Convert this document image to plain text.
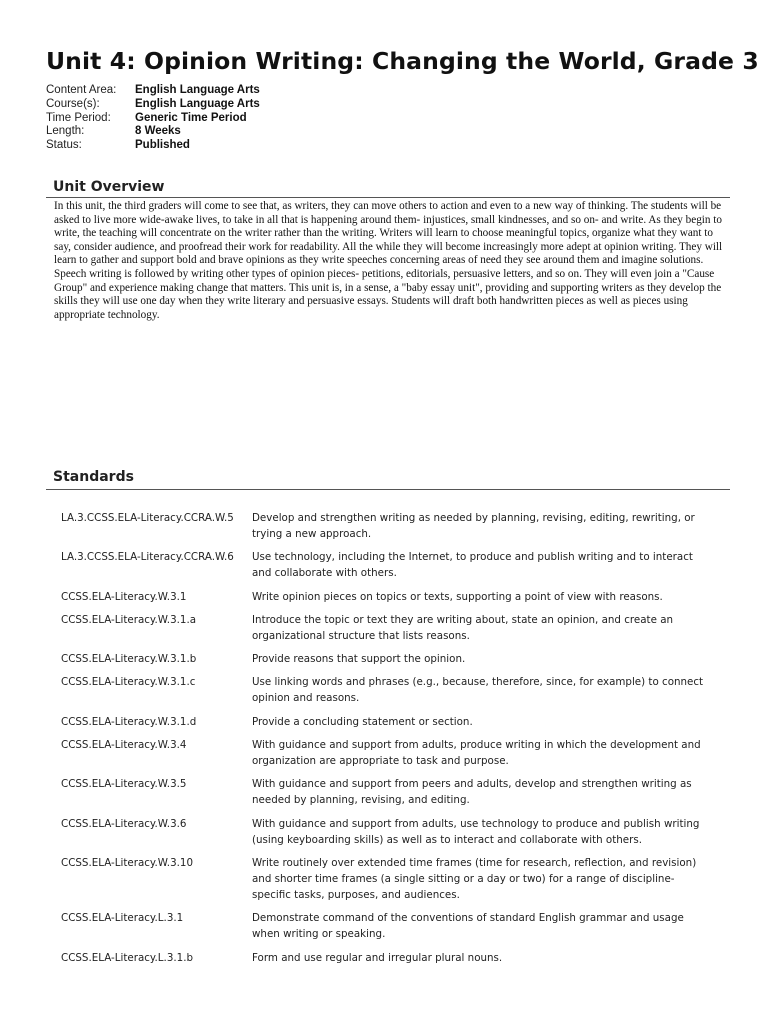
Unit 4: Opinion Writing: Changing the World, Grade 3
Content Area:	English Language Arts
Course(s):	English Language Arts
Time Period:	Generic Time Period
Length:	8 Weeks
Status:	Published
Unit Overview

In this unit, the third graders will come to see that, as writers, they can move others to action and even to a new way of thinking. The students will be asked to live more wide-awake lives, to take in all that is happening around them- injustices, small kindnesses, and so on- and write. As they begin to write, the teaching will concentrate on the writer rather than the writing. Writers will learn to choose meaningful topics, organize what they want to say, consider audience, and proofread their work for readability. All the while they will become increasingly more adept at opinion writing. They will learn to gather and support bold and brave opinions as they write speeches concerning areas of need they see around them and imagine solutions. Speech writing is followed by writing other types of opinion pieces- petitions, editorials, persuasive letters, and so on. They will even join a "Cause Group" and experience making change that matters. This unit is, in a sense, a "baby essay unit", providing and supporting writers as they develop the skills they will use one day when they write literary and persuasive essays. Students will draft both handwritten pieces as well as pieces using appropriate technology.

Standards
LA.3.CCSS.ELA-Literacy.CCRA.W.5	Develop and strengthen writing as needed by planning, revising, editing, rewriting, or trying a new approach.
LA.3.CCSS.ELA-Literacy.CCRA.W.6	Use technology, including the Internet, to produce and publish writing and to interact and collaborate with others.
CCSS.ELA-Literacy.W.3.1	Write opinion pieces on topics or texts, supporting a point of view with reasons.
CCSS.ELA-Literacy.W.3.1.a	Introduce the topic or text they are writing about, state an opinion, and create an organizational structure that lists reasons.
CCSS.ELA-Literacy.W.3.1.b	Provide reasons that support the opinion.
CCSS.ELA-Literacy.W.3.1.c	Use linking words and phrases (e.g., because, therefore, since, for example) to connect opinion and reasons.
CCSS.ELA-Literacy.W.3.1.d	Provide a concluding statement or section.
CCSS.ELA-Literacy.W.3.4	With guidance and support from adults, produce writing in which the development and organization are appropriate to task and purpose.
CCSS.ELA-Literacy.W.3.5	With guidance and support from peers and adults, develop and strengthen writing as needed by planning, revising, and editing.
CCSS.ELA-Literacy.W.3.6	With guidance and support from adults, use technology to produce and publish writing (using keyboarding skills) as well as to interact and collaborate with others.
CCSS.ELA-Literacy.W.3.10	Write routinely over extended time frames (time for research, reflection, and revision) and shorter time frames (a single sitting or a day or two) for a range of discipline-specific tasks, purposes, and audiences.
CCSS.ELA-Literacy.L.3.1	Demonstrate command of the conventions of standard English grammar and usage when writing or speaking.
CCSS.ELA-Literacy.L.3.1.b	Form and use regular and irregular plural nouns.
